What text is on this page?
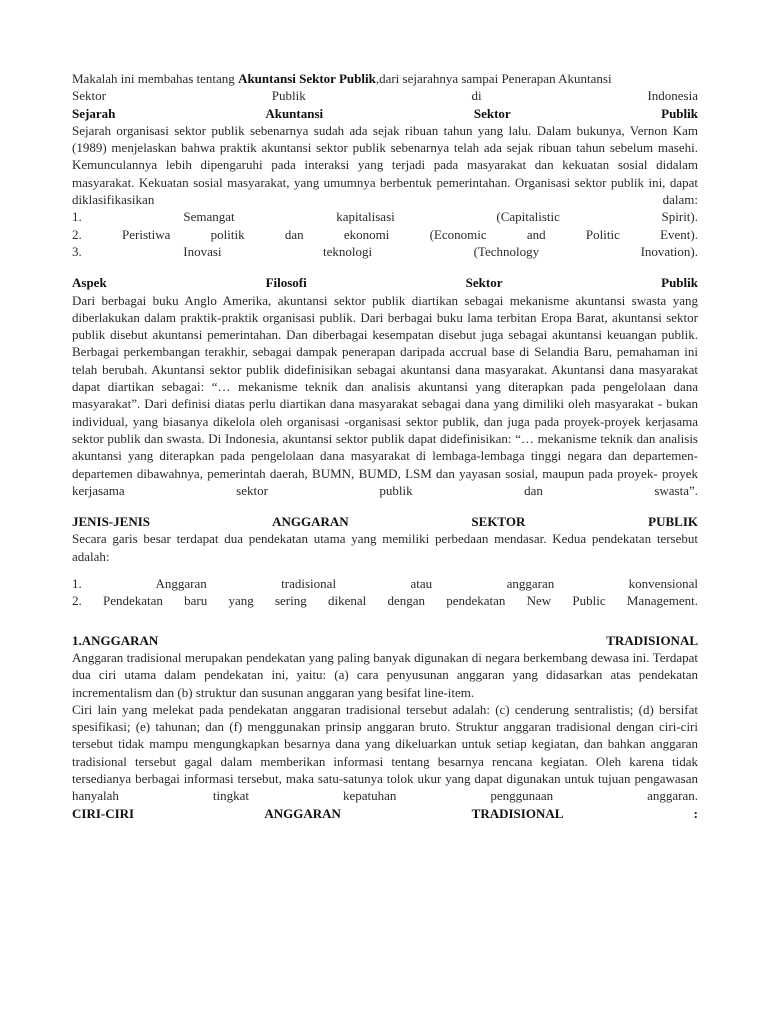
Makalah ini membahas tentang Akuntansi Sektor Publik,dari sejarahnya sampai Penerapan Akuntansi

Sektor Publik di Indonesia
Sejarah Akuntansi Sektor Publik

Sejarah organisasi sektor publik sebenarnya sudah ada sejak ribuan tahun yang lalu. Dalam bukunya, Vernon Kam (1989) menjelaskan bahwa praktik akuntansi sektor publik sebenarnya telah ada sejak ribuan tahun sebelum masehi. Kemunculannya lebih dipengaruhi pada interaksi yang terjadi pada masyarakat dan kekuatan sosial didalam masyarakat. Kekuatan sosial masyarakat, yang umumnya berbentuk pemerintahan. Organisasi sektor publik ini, dapat diklasifikasikan dalam:

1. Semangat kapitalisasi (Capitalistic Spirit).
2. Peristiwa politik dan ekonomi (Economic and Politic Event).
3. Inovasi teknologi (Technology Inovation).
Aspek Filosofi Sektor Publik

Dari berbagai buku Anglo Amerika, akuntansi sektor publik diartikan sebagai mekanisme akuntansi swasta yang diberlakukan dalam praktik-praktik organisasi publik. Dari berbagai buku lama terbitan Eropa Barat, akuntansi sektor publik disebut akuntansi pemerintahan. Dan diberbagai kesempatan disebut juga sebagai akuntansi keuangan publik. Berbagai perkembangan terakhir, sebagai dampak penerapan daripada accrual base di Selandia Baru, pemahaman ini telah berubah. Akuntansi sektor publik didefinisikan sebagai akuntansi dana masyarakat. Akuntansi dana masyarakat dapat diartikan sebagai: “… mekanisme teknik dan analisis akuntansi yang diterapkan pada pengelolaan dana masyarakat”. Dari definisi diatas perlu diartikan dana masyarakat sebagai dana yang dimiliki oleh masyarakat - bukan individual, yang biasanya dikelola oleh organisasi -organisasi sektor publik, dan juga pada proyek-proyek kerjasama sektor publik dan swasta. Di Indonesia, akuntansi sektor publik dapat didefinisikan: “… mekanisme teknik dan analisis akuntansi yang diterapkan pada pengelolaan dana masyarakat di lembaga-lembaga tinggi negara dan departemen-departemen dibawahnya, pemerintah daerah, BUMN, BUMD, LSM dan yayasan sosial, maupun pada proyek- proyek kerjasama sektor publik dan swasta”.

JENIS-JENIS ANGGARAN SEKTOR PUBLIK

Secara garis besar terdapat dua pendekatan utama yang memiliki perbedaan mendasar. Kedua pendekatan tersebut adalah:

1. Anggaran tradisional atau anggaran konvensional
2. Pendekatan baru yang sering dikenal dengan pendekatan New Public Management.
1.ANGGARAN TRADISIONAL

Anggaran tradisional merupakan pendekatan yang paling banyak digunakan di negara berkembang dewasa ini. Terdapat dua ciri utama dalam pendekatan ini, yaitu: (a) cara penyusunan anggaran yang didasarkan atas pendekatan incrementalism dan (b) struktur dan susunan anggaran yang besifat line-item.

Ciri lain yang melekat pada pendekatan anggaran tradisional tersebut adalah: (c) cenderung sentralistis; (d) bersifat spesifikasi; (e) tahunan; dan (f) menggunakan prinsip anggaran bruto. Struktur anggaran tradisional dengan ciri-ciri tersebut tidak mampu mengungkapkan besarnya dana yang dikeluarkan untuk setiap kegiatan, dan bahkan anggaran tradisional tersebut gagal dalam memberikan informasi tentang besarnya rencana kegiatan. Oleh karena tidak tersedianya berbagai informasi tersebut, maka satu-satunya tolok ukur yang dapat digunakan untuk tujuan pengawasan hanyalah tingkat kepatuhan penggunaan anggaran.

CIRI-CIRI ANGGARAN TRADISIONAL :
